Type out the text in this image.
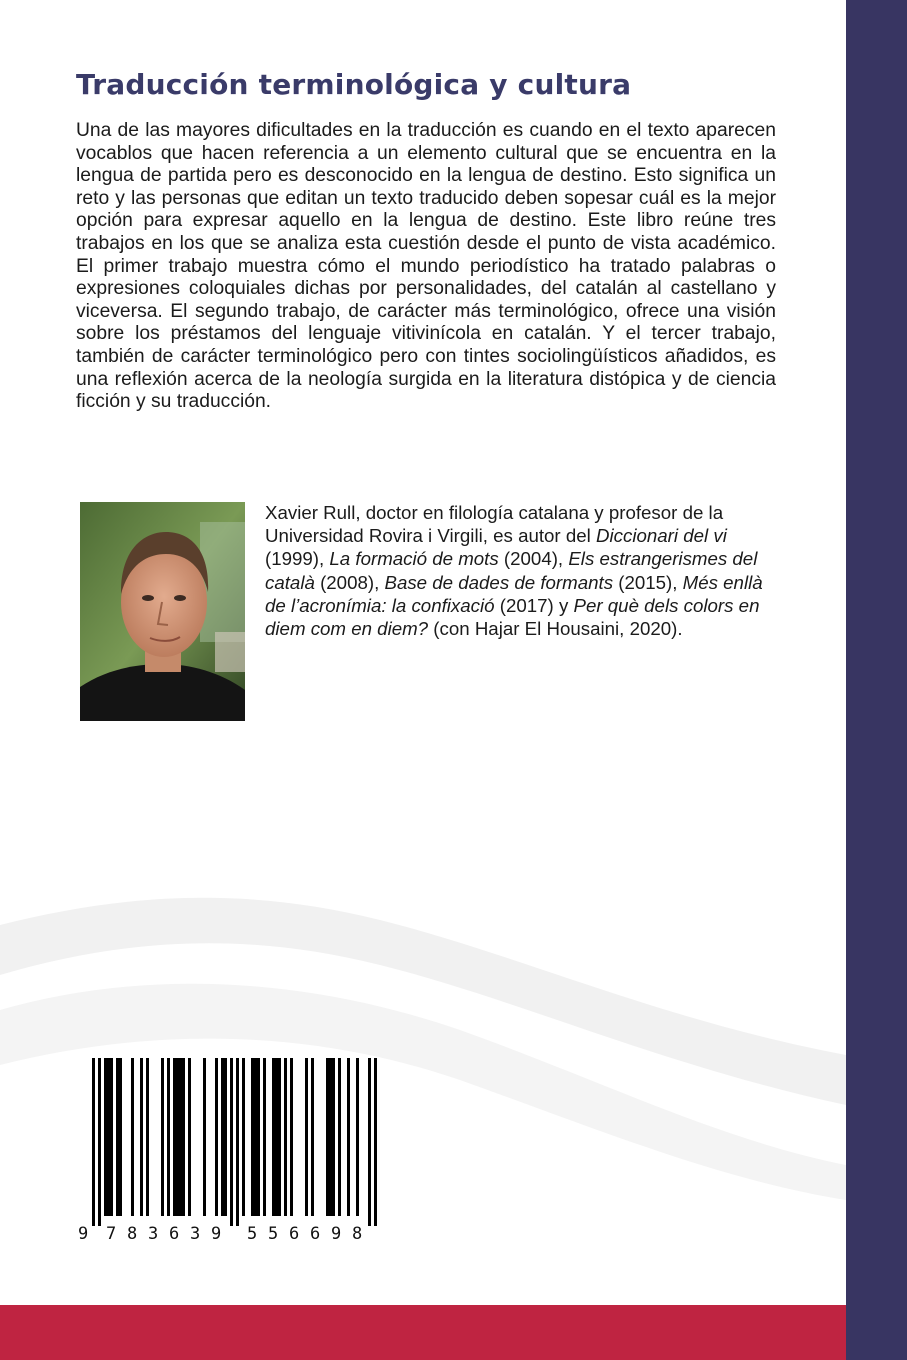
Traducción terminológica y cultura

Una de las mayores dificultades en la traducción es cuando en el texto aparecen vocablos que hacen referencia a un elemento cultural que se encuentra en la lengua de partida pero es desconocido en la lengua de destino. Esto significa un reto y las personas que editan un texto traducido deben sopesar cuál es la mejor opción para expresar aquello en la lengua de destino. Este libro reúne tres trabajos en los que se analiza esta cuestión desde el punto de vista académico. El primer trabajo muestra cómo el mundo periodístico ha tratado palabras o expresiones coloquiales dichas por personalidades, del catalán al castellano y viceversa. El segundo trabajo, de carácter más terminológico, ofrece una visión sobre los préstamos del lenguaje vitivinícola en catalán. Y el tercer trabajo, también de carácter terminológico pero con tintes sociolingüísticos añadidos, es una reflexión acerca de la neología surgida en la literatura distópica y de ciencia ficción y su traducción.

Xavier Rull, doctor en filología catalana y profesor de la Universidad Rovira i Virgili, es autor del Diccionari del vi (1999), La formació de mots (2004), Els estrangerismes del català (2008), Base de dades de formants (2015), Més enllà de l’acronímia: la confixació (2017) y Per què dels colors en diem com en diem? (con Hajar El Housaini, 2020).

9 7 8 3 6 3 9 5 5 6 6 9 8
